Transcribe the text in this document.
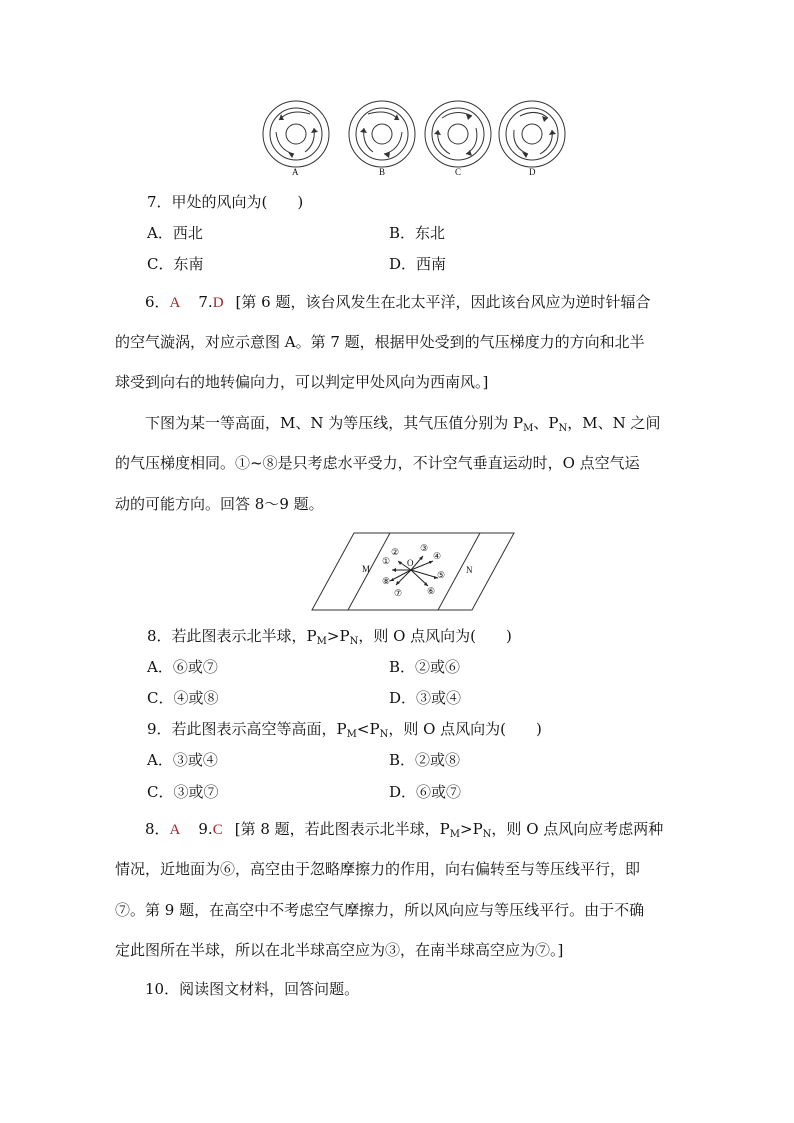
A	B	C	D
7．甲处的风向为(　　)
A．西北	B．东北
C．东南	D．西南
6．A 7.D [第 6 题，该台风发生在北太平洋，因此该台风应为逆时针辐合
的空气漩涡，对应示意图 A。第 7 题，根据甲处受到的气压梯度力的方向和北半
球受到向右的地转偏向力，可以判定甲处风向为西南风。]
下图为某一等高面，M、N 为等压线，其气压值分别为 $P_M$、$P_N$，M、N 之间
的气压梯度相同。①~⑧是只考虑水平受力，不计空气垂直运动时，O 点空气运
动的可能方向。回答 8～9 题。
M	N
O
①
② ③
④
⑤
⑥
⑦
⑧
8．若此图表示北半球，$P_M>P_N$，则 O 点风向为(　　)
A．⑥或⑦	B．②或⑥
C．④或⑧	D．③或④
9．若此图表示高空等高面，$P_M<P_N$，则 O 点风向为(　　)
A．③或④	B．②或⑧
C．③或⑦	D．⑥或⑦
8．A 9.C [第 8 题，若此图表示北半球，$P_M>P_N$，则 O 点风向应考虑两种
情况，近地面为⑥，高空由于忽略摩擦力的作用，向右偏转至与等压线平行，即
⑦。第 9 题，在高空中不考虑空气摩擦力，所以风向应与等压线平行。由于不确
定此图所在半球，所以在北半球高空应为③，在南半球高空应为⑦。]
10．阅读图文材料，回答问题。
